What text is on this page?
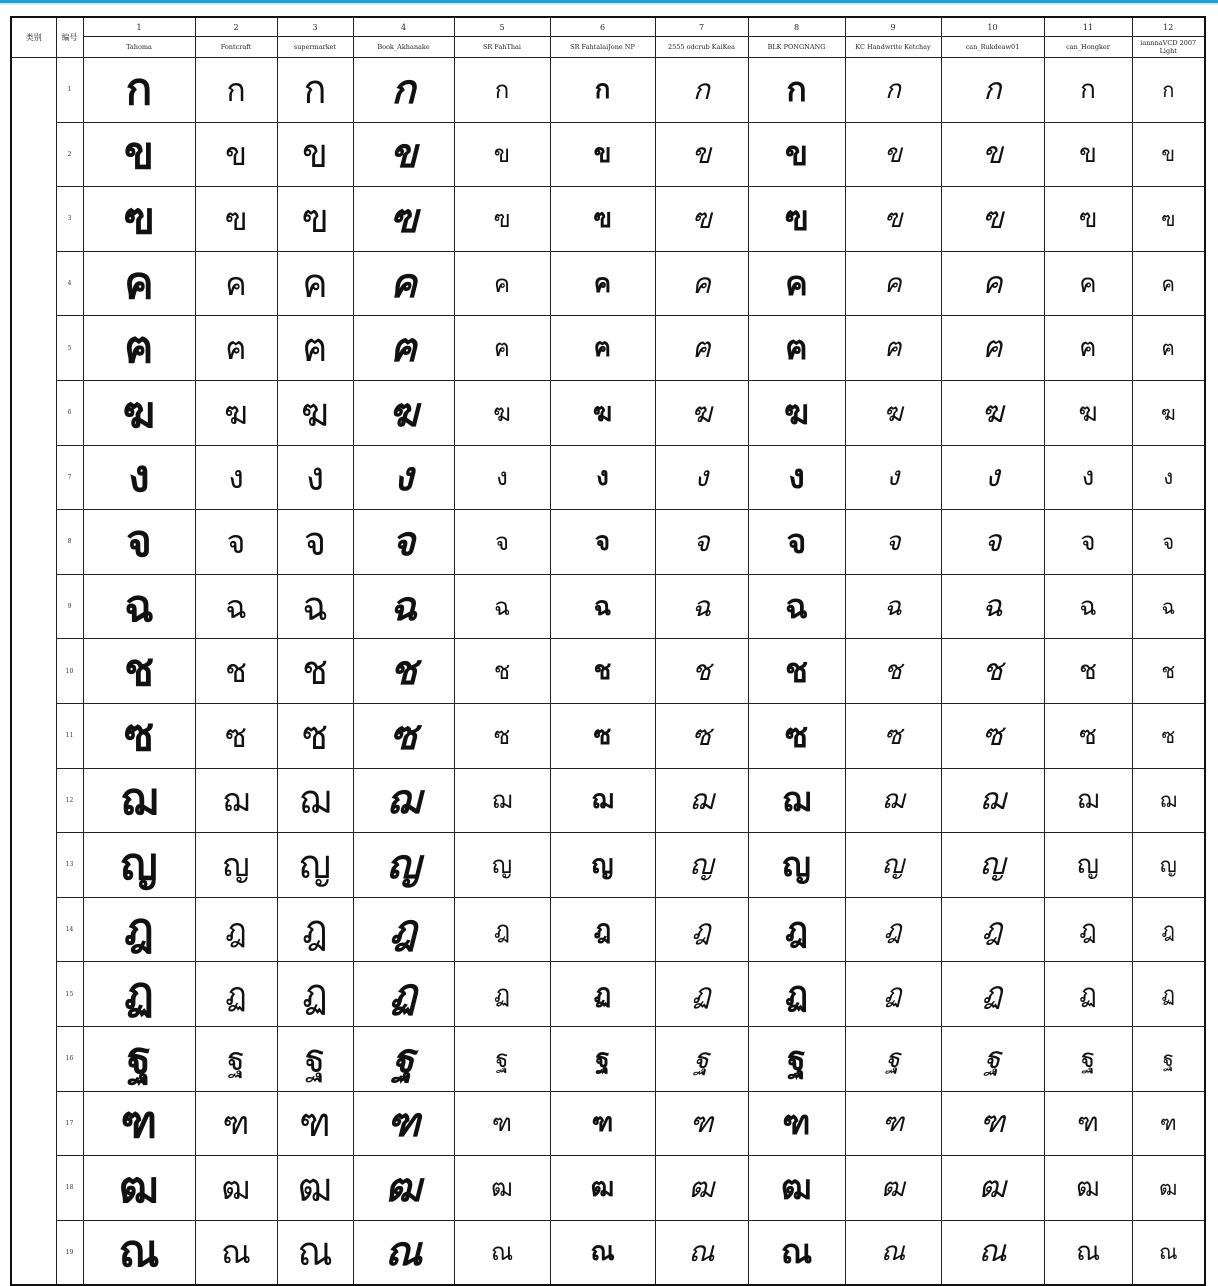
类别	编号	1	2	3	4	5	6	7	8	9	10	11	12
		Tahoma	Fontcraft	supermarket	Book_Akhanake	SR FahThai	SR FahtalaiJone NP	2555 odcrub KaiKea	BLK PONGNANG	KC Handwrite Ketchay	can_Rukdeaw01	can_Hongker	iannnaVCD 2007 Light
	1	ก	ก	ก	ก	ก	ก	ก	ก	ก	ก	ก	ก
	2	ข	ข	ข	ข	ข	ข	ข	ข	ข	ข	ข	ข
	3	ฃ	ฃ	ฃ	ฃ	ฃ	ฃ	ฃ	ฃ	ฃ	ฃ	ฃ	ฃ
	4	ค	ค	ค	ค	ค	ค	ค	ค	ค	ค	ค	ค
	5	ฅ	ฅ	ฅ	ฅ	ฅ	ฅ	ฅ	ฅ	ฅ	ฅ	ฅ	ฅ
	6	ฆ	ฆ	ฆ	ฆ	ฆ	ฆ	ฆ	ฆ	ฆ	ฆ	ฆ	ฆ
	7	ง	ง	ง	ง	ง	ง	ง	ง	ง	ง	ง	ง
	8	จ	จ	จ	จ	จ	จ	จ	จ	จ	จ	จ	จ
	9	ฉ	ฉ	ฉ	ฉ	ฉ	ฉ	ฉ	ฉ	ฉ	ฉ	ฉ	ฉ
	10	ช	ช	ช	ช	ช	ช	ช	ช	ช	ช	ช	ช
	11	ซ	ซ	ซ	ซ	ซ	ซ	ซ	ซ	ซ	ซ	ซ	ซ
	12	ฌ	ฌ	ฌ	ฌ	ฌ	ฌ	ฌ	ฌ	ฌ	ฌ	ฌ	ฌ
	13	ญ	ญ	ญ	ญ	ญ	ญ	ญ	ญ	ญ	ญ	ญ	ญ
	14	ฎ	ฎ	ฎ	ฎ	ฎ	ฎ	ฎ	ฎ	ฎ	ฎ	ฎ	ฎ
	15	ฏ	ฏ	ฏ	ฏ	ฏ	ฏ	ฏ	ฏ	ฏ	ฏ	ฏ	ฏ
	16	ฐ	ฐ	ฐ	ฐ	ฐ	ฐ	ฐ	ฐ	ฐ	ฐ	ฐ	ฐ
	17	ฑ	ฑ	ฑ	ฑ	ฑ	ฑ	ฑ	ฑ	ฑ	ฑ	ฑ	ฑ
	18	ฒ	ฒ	ฒ	ฒ	ฒ	ฒ	ฒ	ฒ	ฒ	ฒ	ฒ	ฒ
	19	ณ	ณ	ณ	ณ	ณ	ณ	ณ	ณ	ณ	ณ	ณ	ณ
